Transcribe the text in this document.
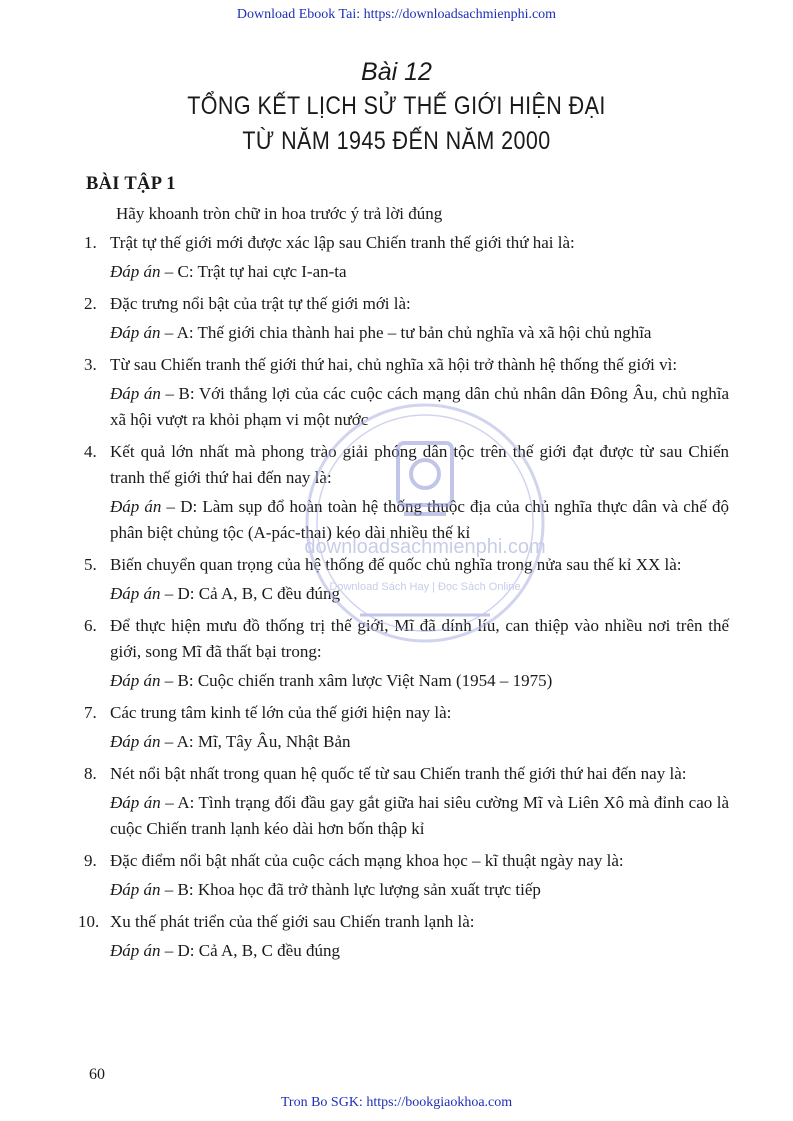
Download Ebook Tai: https://downloadsachmienphi.com
Bài 12
TỔNG KẾT LỊCH SỬ THẾ GIỚI HIỆN ĐẠI
TỪ NĂM 1945 ĐẾN NĂM 2000
BÀI TẬP 1
Hãy khoanh tròn chữ in hoa trước ý trả lời đúng
1. Trật tự thế giới mới được xác lập sau Chiến tranh thế giới thứ hai là:
Đáp án – C: Trật tự hai cực I-an-ta
2. Đặc trưng nổi bật của trật tự thế giới mới là:
Đáp án – A: Thế giới chia thành hai phe – tư bản chủ nghĩa và xã hội chủ nghĩa
3. Từ sau Chiến tranh thế giới thứ hai, chủ nghĩa xã hội trở thành hệ thống thế giới vì:
Đáp án – B: Với thắng lợi của các cuộc cách mạng dân chủ nhân dân Đông Âu, chủ nghĩa xã hội vượt ra khỏi phạm vi một nước
4. Kết quả lớn nhất mà phong trào giải phóng dân tộc trên thế giới đạt được từ sau Chiến tranh thế giới thứ hai đến nay là:
Đáp án – D: Làm sụp đổ hoàn toàn hệ thống thuộc địa của chủ nghĩa thực dân và chế độ phân biệt chủng tộc (A-pác-thai) kéo dài nhiều thế kỉ
5. Biến chuyển quan trọng của hệ thống đế quốc chủ nghĩa trong nửa sau thế kỉ XX là:
Đáp án – D: Cả A, B, C đều đúng
6. Để thực hiện mưu đồ thống trị thế giới, Mĩ đã dính líu, can thiệp vào nhiều nơi trên thế giới, song Mĩ đã thất bại trong:
Đáp án – B: Cuộc chiến tranh xâm lược Việt Nam (1954 – 1975)
7. Các trung tâm kinh tế lớn của thế giới hiện nay là:
Đáp án – A: Mĩ, Tây Âu, Nhật Bản
8. Nét nổi bật nhất trong quan hệ quốc tế từ sau Chiến tranh thế giới thứ hai đến nay là:
Đáp án – A: Tình trạng đối đầu gay gắt giữa hai siêu cường Mĩ và Liên Xô mà đỉnh cao là cuộc Chiến tranh lạnh kéo dài hơn bốn thập kỉ
9. Đặc điểm nổi bật nhất của cuộc cách mạng khoa học – kĩ thuật ngày nay là:
Đáp án – B: Khoa học đã trở thành lực lượng sản xuất trực tiếp
10. Xu thế phát triển của thế giới sau Chiến tranh lạnh là:
Đáp án – D: Cả A, B, C đều đúng
60
Tron Bo SGK: https://bookgiaokhoa.com
downloadsachmienphi.com
Download Sách Hay | Đọc Sách Online
